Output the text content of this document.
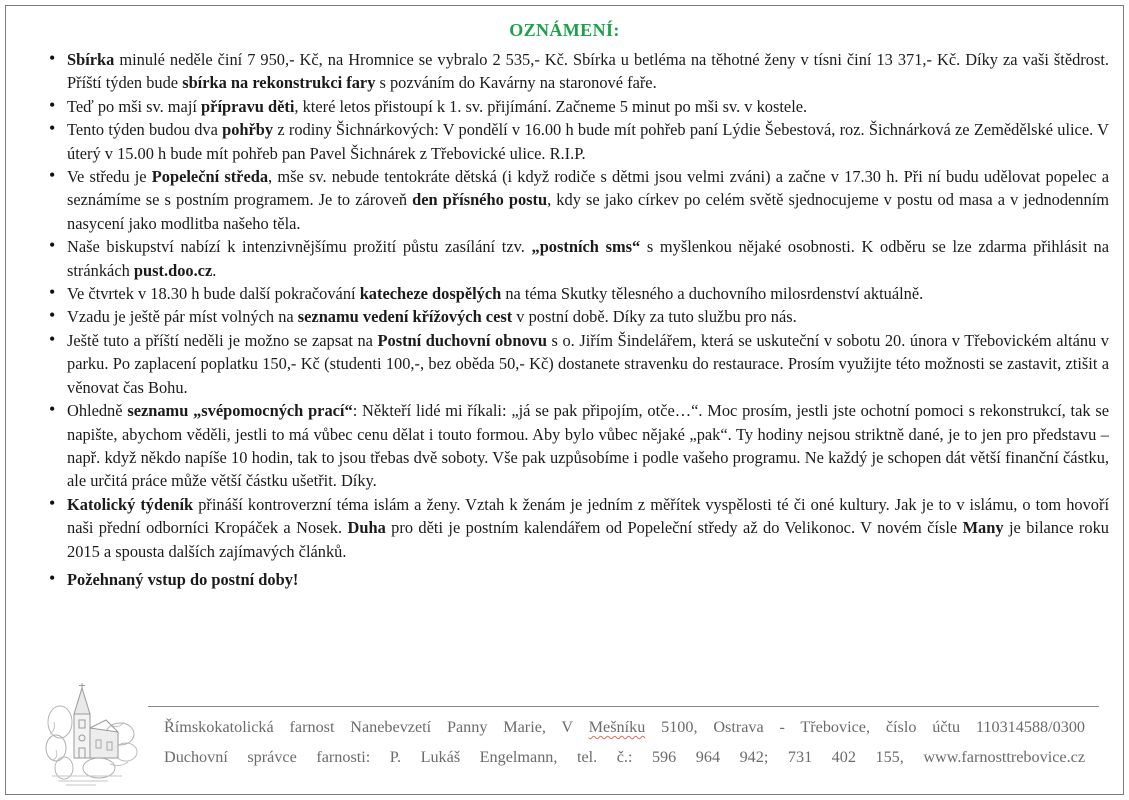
OZNÁMENÍ:
• Sbírka minulé neděle činí 7 950,- Kč, na Hromnice se vybralo 2 535,- Kč. Sbírka u betléma na těhotné ženy v tísni činí 13 371,- Kč. Díky za vaši štědrost. Příští týden bude sbírka na rekonstrukci fary s pozváním do Kavárny na staronové faře.
• Teď po mši sv. mají přípravu děti, které letos přistoupí k 1. sv. přijímání. Začneme 5 minut po mši sv. v kostele.
• Tento týden budou dva pohřby z rodiny Šichnárkových: V pondělí v 16.00 h bude mít pohřeb paní Lýdie Šebestová, roz. Šichnárková ze Zemědělské ulice. V úterý v 15.00 h bude mít pohřeb pan Pavel Šichnárek z Třebovické ulice. R.I.P.
• Ve středu je Popeleční středa, mše sv. nebude tentokráte dětská (i když rodiče s dětmi jsou velmi zváni) a začne v 17.30 h. Při ní budu udělovat popelec a seznámíme se s postním programem. Je to zároveň den přísného postu, kdy se jako církev po celém světě sjednocujeme v postu od masa a v jednodenním nasycení jako modlitba našeho těla.
• Naše biskupství nabízí k intenzivnějšímu prožití půstu zasílání tzv. „postních sms“ s myšlenkou nějaké osobnosti. K odběru se lze zdarma přihlásit na stránkách pust.doo.cz.
• Ve čtvrtek v 18.30 h bude další pokračování katecheze dospělých na téma Skutky tělesného a duchovního milosrdenství aktuálně.
• Vzadu je ještě pár míst volných na seznamu vedení křížových cest v postní době. Díky za tuto službu pro nás.
• Ještě tuto a příští neděli je možno se zapsat na Postní duchovní obnovu s o. Jiřím Šindelářem, která se uskuteční v sobotu 20. února v Třebovickém altánu v parku. Po zaplacení poplatku 150,- Kč (studenti 100,-, bez oběda 50,- Kč) dostanete stravenku do restaurace. Prosím využijte této možnosti se zastavit, ztišit a věnovat čas Bohu.
• Ohledně seznamu „svépomocných prací“: Někteří lidé mi říkali: „já se pak připojím, otče…“. Moc prosím, jestli jste ochotní pomoci s rekonstrukcí, tak se napište, abychom věděli, jestli to má vůbec cenu dělat i touto formou. Aby bylo vůbec nějaké „pak“. Ty hodiny nejsou striktně dané, je to jen pro představu – např. když někdo napíše 10 hodin, tak to jsou třebas dvě soboty. Vše pak uzpůsobíme i podle vašeho programu. Ne každý je schopen dát větší finanční částku, ale určitá práce může větší částku ušetřit. Díky.
• Katolický týdeník přináší kontroverzní téma islám a ženy. Vztah k ženám je jedním z měřítek vyspělosti té či oné kultury. Jak je to v islámu, o tom hovoří naši přední odborníci Kropáček a Nosek. Duha pro děti je postním kalendářem od Popeleční středy až do Velikonoc. V novém čísle Many je bilance roku 2015 a spousta dalších zajímavých článků.
• Požehnaný vstup do postní doby!
Římskokatolická farnost Nanebevzetí Panny Marie, V Mešníku 5100, Ostrava - Třebovice, číslo účtu 110314588/0300
Duchovní správce farnosti: P. Lukáš Engelmann, tel. č.: 596 964 942; 731 402 155, www.farnosttrebovice.cz
